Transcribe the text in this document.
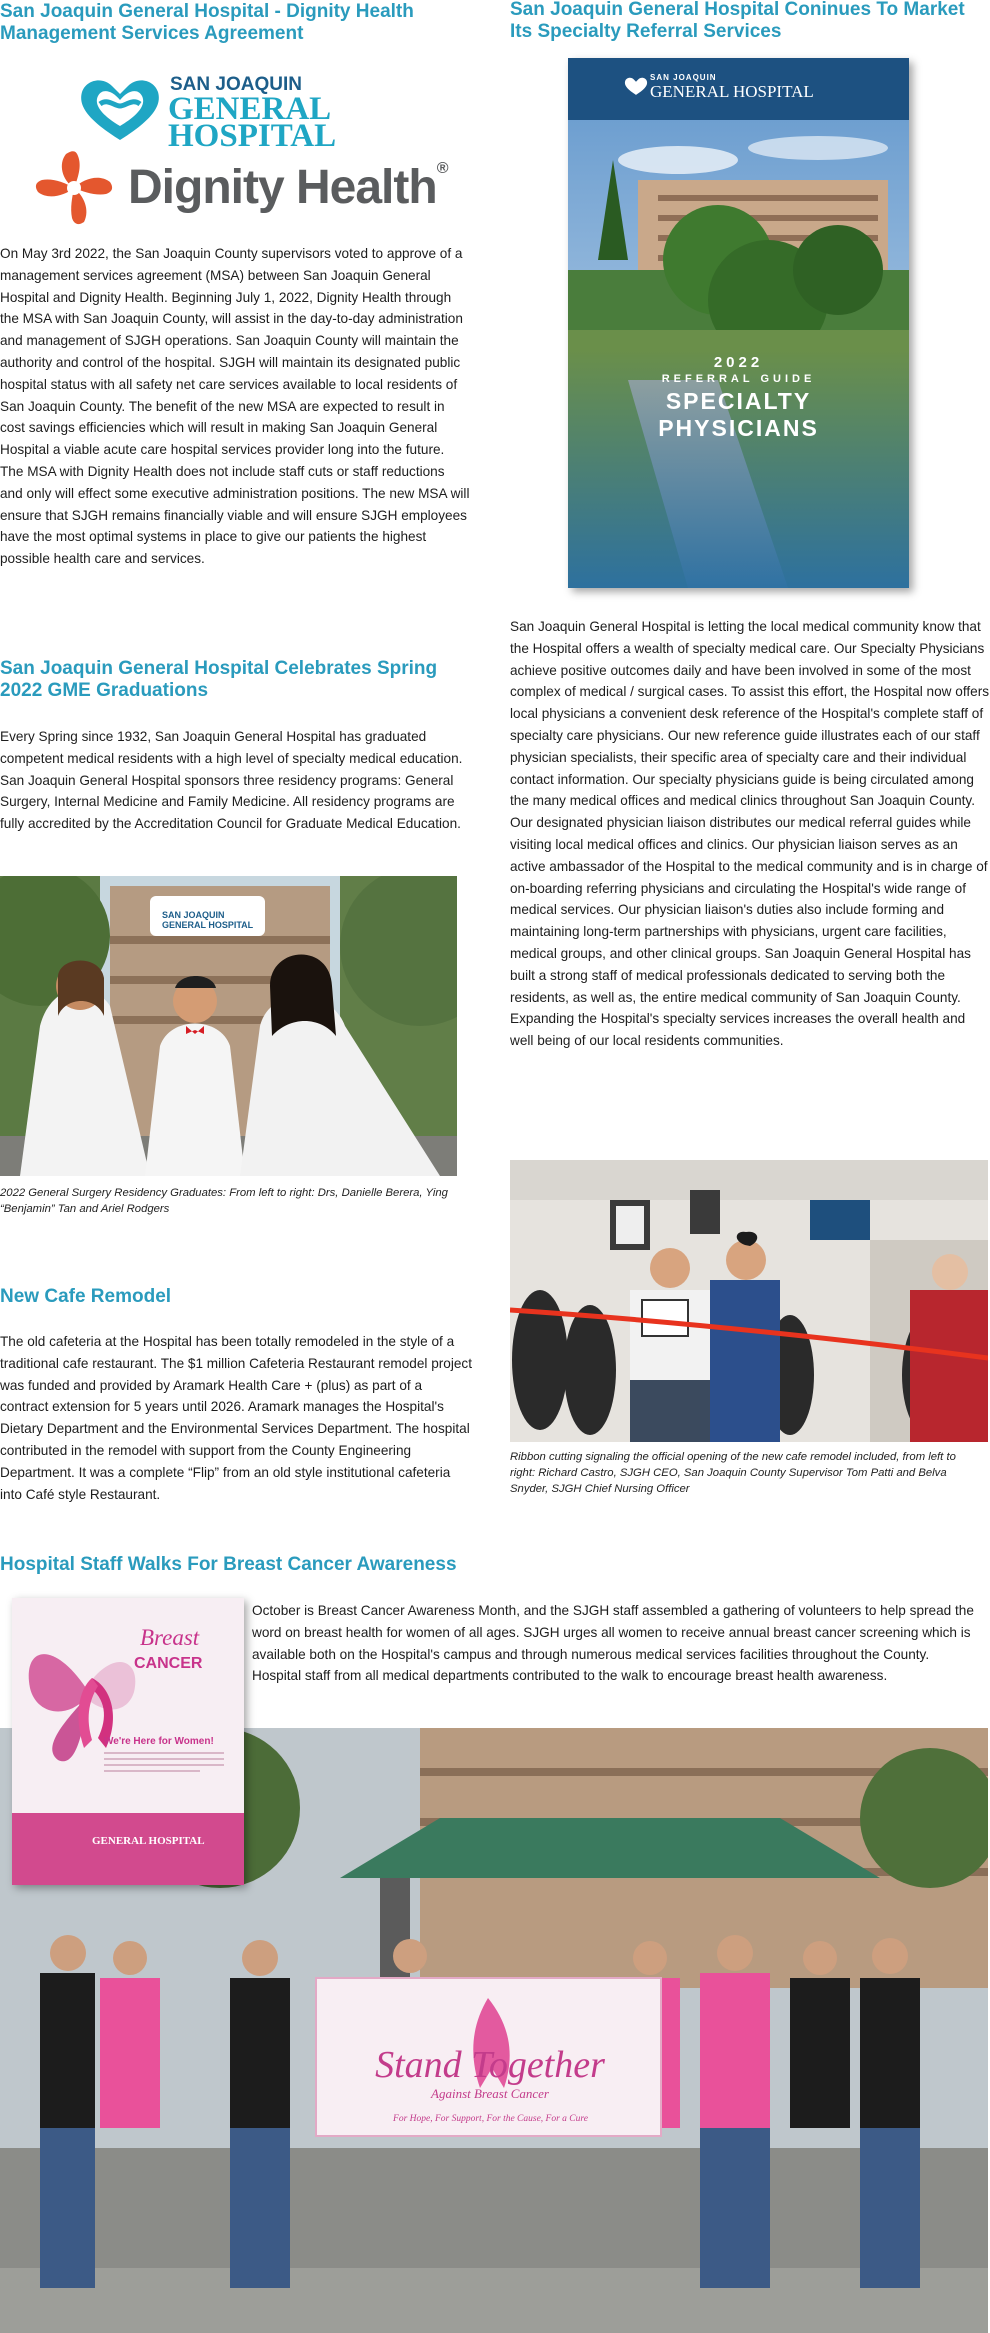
San Joaquin General Hospital - Dignity Health Management Services Agreement
SAN JOAQUIN
GENERAL
HOSPITAL
Dignity Health®
On May 3rd 2022, the San Joaquin County supervisors voted to approve of a management services agreement (MSA) between San Joaquin General Hospital and Dignity Health. Beginning July 1, 2022, Dignity Health through the MSA with San Joaquin County, will assist in the day-to-day administration and management of SJGH operations. San Joaquin County will maintain the authority and control of the hospital. SJGH will maintain its designated public hospital status with all safety net care services available to local residents of San Joaquin County. The benefit of the new MSA are expected to result in cost savings efficiencies which will result in making San Joaquin General Hospital a viable acute care hospital services provider long into the future. The MSA with Dignity Health does not include staff cuts or staff reductions and only will effect some executive administration positions. The new MSA will ensure that SJGH remains financially viable and will ensure SJGH employees have the most optimal systems in place to give our patients the highest possible health care and services.
San Joaquin General Hospital Coninues To Market Its Specialty Referral Services
SAN JOAQUIN
GENERAL HOSPITAL
2022
REFERRAL GUIDE
SPECIALTY
PHYSICIANS
San Joaquin General Hospital is letting the local medical community know that the Hospital offers a wealth of specialty medical care. Our Specialty Physicians achieve positive outcomes daily and have been involved in some of the most complex of medical / surgical cases. To assist this effort, the Hospital now offers local physicians a convenient desk reference of the Hospital's complete staff of specialty care physicians. Our new reference guide illustrates each of our staff physician specialists, their specific area of specialty care and their individual contact information. Our specialty physicians guide is being circulated among the many medical offices and medical clinics throughout San Joaquin County. Our designated physician liaison distributes our medical referral guides while visiting local medical offices and clinics. Our physician liaison serves as an active ambassador of the Hospital to the medical community and is in charge of on-boarding referring physicians and circulating the Hospital's wide range of medical services. Our physician liaison's duties also include forming and maintaining long-term partnerships with physicians, urgent care facilities, medical groups, and other clinical groups. San Joaquin General Hospital has built a strong staff of medical professionals dedicated to serving both the residents, as well as, the entire medical community of San Joaquin County. Expanding the Hospital's specialty services increases the overall health and well being of our local residents communities.
San Joaquin General Hospital Celebrates Spring 2022 GME Graduations
Every Spring since 1932, San Joaquin General Hospital has graduated competent medical residents with a high level of specialty medical education. San Joaquin General Hospital sponsors three residency programs: General Surgery, Internal Medicine and Family Medicine. All residency programs are fully accredited by the Accreditation Council for Graduate Medical Education.
SAN JOAQUIN GENERAL HOSPITAL
2022 General Surgery Residency Graduates: From left to right: Drs, Danielle Berera, Ying “Benjamin” Tan and Ariel Rodgers
Ribbon cutting signaling the official opening of the new cafe remodel included, from left to right: Richard Castro, SJGH CEO, San Joaquin County Supervisor Tom Patti and Belva Snyder, SJGH Chief Nursing Officer
New Cafe Remodel
The old cafeteria at the Hospital has been totally remodeled in the style of a traditional cafe restaurant. The $1 million Cafeteria Restaurant remodel project was funded and provided by Aramark Health Care + (plus) as part of a contract extension for 5 years until 2026. Aramark manages the Hospital's Dietary Department and the Environmental Services Department. The hospital contributed in the remodel with support from the County Engineering Department. It was a complete “Flip” from an old style institutional cafeteria into Café style Restaurant.
Hospital Staff Walks For Breast Cancer Awareness
October is Breast Cancer Awareness Month, and the SJGH staff assembled a gathering of volunteers to help spread the word on breast health for women of all ages. SJGH urges all women to receive annual breast cancer screening which is available both on the Hospital's campus and through numerous medical services facilities throughout the County. Hospital staff from all medical departments contributed to the walk to encourage breast health awareness.
Stand Together
Against Breast Cancer
For Hope, For Support, For the Cause, For a Cure
Breast
CANCER
We're Here for Women!
GENERAL HOSPITAL
